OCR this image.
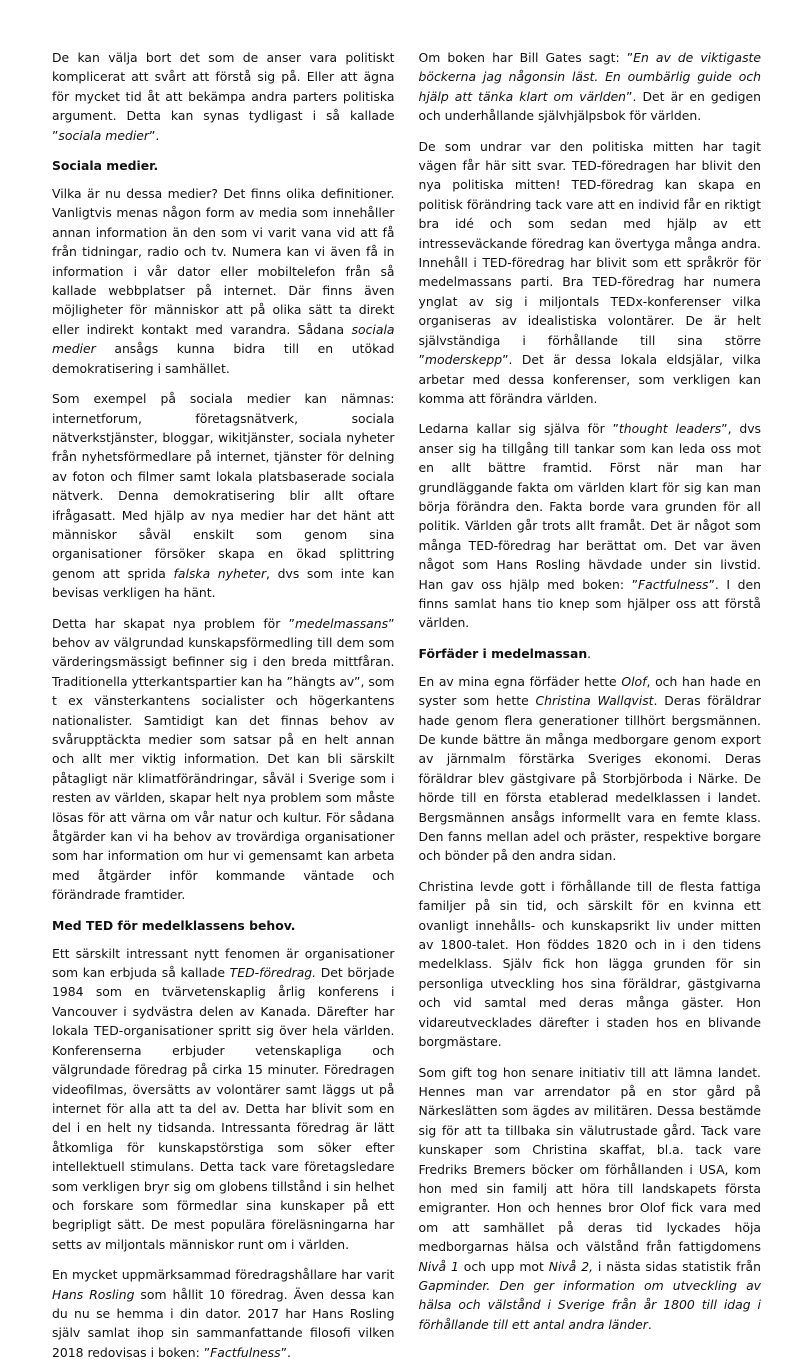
De kan välja bort det som de anser vara politiskt komplicerat att svårt att förstå sig på. Eller att ägna för mycket tid åt att bekämpa andra parters politiska argument. Detta kan synas tydligast i så kallade ”sociala medier”.

Sociala medier.

Vilka är nu dessa medier? Det finns olika definitioner. Vanligtvis menas någon form av media som innehåller annan information än den som vi varit vana vid att få från tidningar, radio och tv. Numera kan vi även få in information i vår dator eller mobiltelefon från så kallade webbplatser på internet. Där finns även möjligheter för människor att på olika sätt ta direkt eller indirekt kontakt med varandra. Sådana sociala medier ansågs kunna bidra till en utökad demokratisering i samhället.

Som exempel på sociala medier kan nämnas: internetforum, företagsnätverk, sociala nätverkstjänster, bloggar, wikitjänster, sociala nyheter från nyhetsförmedlare på internet, tjänster för delning av foton och filmer samt lokala platsbaserade sociala nätverk. Denna demokratisering blir allt oftare ifrågasatt. Med hjälp av nya medier har det hänt att människor såväl enskilt som genom sina organisationer försöker skapa en ökad splittring genom att sprida falska nyheter, dvs som inte kan bevisas verkligen ha hänt.

Detta har skapat nya problem för ”medelmassans” behov av välgrundad kunskapsförmedling till dem som värderingsmässigt befinner sig i den breda mittfåran. Traditionella ytterkantspartier kan ha ”hängts av”, som t ex vänsterkantens socialister och högerkantens nationalister. Samtidigt kan det finnas behov av svårupptäckta medier som satsar på en helt annan och allt mer viktig information. Det kan bli särskilt påtagligt när klimatförändringar, såväl i Sverige som i resten av världen, skapar helt nya problem som måste lösas för att värna om vår natur och kultur. För sådana åtgärder kan vi ha behov av trovärdiga organisationer som har information om hur vi gemensamt kan arbeta med åtgärder inför kommande väntade och förändrade framtider.

Med TED för medelklassens behov.

Ett särskilt intressant nytt fenomen är organisationer som kan erbjuda så kallade TED-föredrag. Det började 1984 som en tvärvetenskaplig årlig konferens i Vancouver i sydvästra delen av Kanada. Därefter har lokala TED-organisationer spritt sig över hela världen. Konferenserna erbjuder vetenskapliga och välgrundade föredrag på cirka 15 minuter. Föredragen videofilmas, översätts av volontärer samt läggs ut på internet för alla att ta del av. Detta har blivit som en del i en helt ny tidsanda. Intressanta föredrag är lätt åtkomliga för kunskapstörstiga som söker efter intellektuell stimulans. Detta tack vare företagsledare som verkligen bryr sig om globens tillstånd i sin helhet och forskare som förmedlar sina kunskaper på ett begripligt sätt. De mest populära föreläsningarna har setts av miljontals människor runt om i världen.

En mycket uppmärksammad föredragshållare har varit Hans Rosling som hållit 10 föredrag. Även dessa kan du nu se hemma i din dator. 2017 har Hans Rosling själv samlat ihop sin sammanfattande filosofi vilken 2018 redovisas i boken: ”Factfulness”.

Om boken har Bill Gates sagt: ”En av de viktigaste böckerna jag någonsin läst. En oumbärlig guide och hjälp att tänka klart om världen”. Det är en gedigen och underhållande självhjälpsbok för världen.

De som undrar var den politiska mitten har tagit vägen får här sitt svar. TED-föredragen har blivit den nya politiska mitten! TED-föredrag kan skapa en politisk förändring tack vare att en individ får en riktigt bra idé och som sedan med hjälp av ett intresseväckande föredrag kan övertyga många andra. Innehåll i TED-föredrag har blivit som ett språkrör för medelmassans parti. Bra TED-föredrag har numera ynglat av sig i miljontals TEDx-konferenser vilka organiseras av idealistiska volontärer. De är helt självständiga i förhållande till sina större ”moderskepp”. Det är dessa lokala eldsjälar, vilka arbetar med dessa konferenser, som verkligen kan komma att förändra världen.

Ledarna kallar sig själva för ”thought leaders”, dvs anser sig ha tillgång till tankar som kan leda oss mot en allt bättre framtid. Först när man har grundläggande fakta om världen klart för sig kan man börja förändra den. Fakta borde vara grunden för all politik. Världen går trots allt framåt. Det är något som många TED-föredrag har berättat om. Det var även något som Hans Rosling hävdade under sin livstid. Han gav oss hjälp med boken: ”Factfulness”. I den finns samlat hans tio knep som hjälper oss att förstå världen.

Förfäder i medelmassan.

En av mina egna förfäder hette Olof, och han hade en syster som hette Christina Wallqvist. Deras föräldrar hade genom flera generationer tillhört bergsmännen. De kunde bättre än många medborgare genom export av järnmalm förstärka Sveriges ekonomi. Deras föräldrar blev gästgivare på Storbjörboda i Närke. De hörde till en första etablerad medelklassen i landet. Bergsmännen ansågs informellt vara en femte klass. Den fanns mellan adel och präster, respektive borgare och bönder på den andra sidan.

Christina levde gott i förhållande till de flesta fattiga familjer på sin tid, och särskilt för en kvinna ett ovanligt innehålls- och kunskapsrikt liv under mitten av 1800-talet. Hon föddes 1820 och in i den tidens medelklass. Själv fick hon lägga grunden för sin personliga utveckling hos sina föräldrar, gästgivarna och vid samtal med deras många gäster. Hon vidareutvecklades därefter i staden hos en blivande borgmästare.

Som gift tog hon senare initiativ till att lämna landet. Hennes man var arrendator på en stor gård på Närkeslätten som ägdes av militären. Dessa bestämde sig för att ta tillbaka sin välutrustade gård. Tack vare kunskaper som Christina skaffat, bl.a. tack vare Fredriks Bremers böcker om förhållanden i USA, kom hon med sin familj att höra till landskapets första emigranter. Hon och hennes bror Olof fick vara med om att samhället på deras tid lyckades höja medborgarnas hälsa och välstånd från fattigdomens Nivå 1 och upp mot Nivå 2, i nästa sidas statistik från Gapminder. Den ger information om utveckling av hälsa och välstånd i Sverige från år 1800 till idag i förhållande till ett antal andra länder.
